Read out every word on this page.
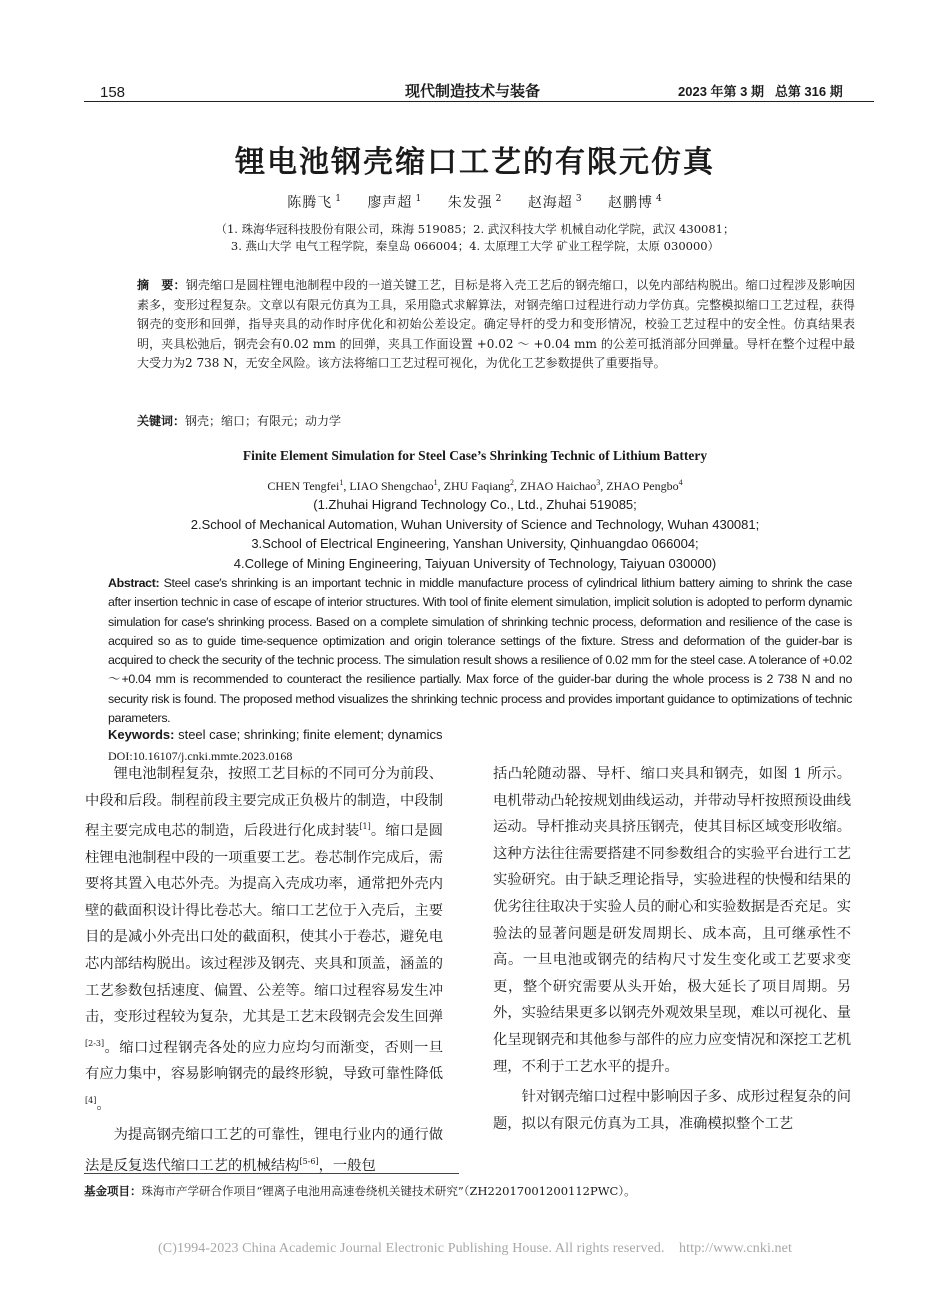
158	现代制造技术与装备	2023 年第 3 期   总第 316 期
锂电池钢壳缩口工艺的有限元仿真
陈腾飞 $^1$ 廖声超 $^1$ 朱发强 $^2$ 赵海超 $^3$ 赵鹏博 $^4$
（1. 珠海华冠科技股份有限公司，珠海 519085；2. 武汉科技大学 机械自动化学院，武汉 430081；
3. 燕山大学 电气工程学院，秦皇岛 066004；4. 太原理工大学 矿业工程学院，太原 030000）
摘　要：钢壳缩口是圆柱锂电池制程中段的一道关键工艺，目标是将入壳工艺后的钢壳缩口，以免内部结构脱出。缩口过程涉及影响因素多，变形过程复杂。文章以有限元仿真为工具，采用隐式求解算法，对钢壳缩口过程进行动力学仿真。完整模拟缩口工艺过程，获得钢壳的变形和回弹，指导夹具的动作时序优化和初始公差设定。确定导杆的受力和变形情况，校验工艺过程中的安全性。仿真结果表明，夹具松弛后，钢壳会有0.02 mm 的回弹，夹具工作面设置 +0.02 ～ +0.04 mm 的公差可抵消部分回弹量。导杆在整个过程中最大受力为2 738 N，无安全风险。该方法将缩口工艺过程可视化，为优化工艺参数提供了重要指导。
关键词：钢壳；缩口；有限元；动力学
Finite Element Simulation for Steel Case’s Shrinking Technic of Lithium Battery
CHEN Tengfei$^1$, LIAO Shengchao$^1$, ZHU Faqiang$^2$, ZHAO Haichao$^3$, ZHAO Pengbo$^4$
(1.Zhuhai Higrand Technology Co., Ltd., Zhuhai 519085;
2.School of Mechanical Automation, Wuhan University of Science and Technology, Wuhan 430081;
3.School of Electrical Engineering, Yanshan University, Qinhuangdao 066004;
4.College of Mining Engineering, Taiyuan University of Technology, Taiyuan 030000)
Abstract: Steel case′s shrinking is an important technic in middle manufacture process of cylindrical lithium battery aiming to shrink the case after insertion technic in case of escape of interior structures. With tool of finite element simulation, implicit solution is adopted to perform dynamic simulation for case′s shrinking process. Based on a complete simulation of shrinking technic process, deformation and resilience of the case is acquired so as to guide time-sequence optimization and origin tolerance settings of the fixture. Stress and deformation of the guider-bar is acquired to check the security of the technic process. The simulation result shows a resilience of 0.02 mm for the steel case. A tolerance of +0.02～+0.04 mm is recommended to counteract the resilience partially. Max force of the guider-bar during the whole process is 2 738 N and no security risk is found. The proposed method visualizes the shrinking technic process and provides important guidance to optimizations of technic parameters.
Keywords: steel case; shrinking; finite element; dynamics
DOI:10.16107/j.cnki.mmte.2023.0168

锂电池制程复杂，按照工艺目标的不同可分为前段、中段和后段。制程前段主要完成正负极片的制造，中段制程主要完成电芯的制造，后段进行化成封装[1]。缩口是圆柱锂电池制程中段的一项重要工艺。卷芯制作完成后，需要将其置入电芯外壳。为提高入壳成功率，通常把外壳内壁的截面积设计得比卷芯大。缩口工艺位于入壳后，主要目的是减小外壳出口处的截面积，使其小于卷芯，避免电芯内部结构脱出。该过程涉及钢壳、夹具和顶盖，涵盖的工艺参数包括速度、偏置、公差等。缩口过程容易发生冲击，变形过程较为复杂，尤其是工艺末段钢壳会发生回弹[2-3]。缩口过程钢壳各处的应力应均匀而渐变，否则一旦有应力集中，容易影响钢壳的最终形貌，导致可靠性降低[4]。

为提高钢壳缩口工艺的可靠性，锂电行业内的通行做法是反复迭代缩口工艺的机械结构[5-6]，一般包

括凸轮随动器、导杆、缩口夹具和钢壳，如图 1 所示。电机带动凸轮按规划曲线运动，并带动导杆按照预设曲线运动。导杆推动夹具挤压钢壳，使其目标区域变形收缩。这种方法往往需要搭建不同参数组合的实验平台进行工艺实验研究。由于缺乏理论指导，实验进程的快慢和结果的优劣往往取决于实验人员的耐心和实验数据是否充足。实验法的显著问题是研发周期长、成本高，且可继承性不高。一旦电池或钢壳的结构尺寸发生变化或工艺要求变更，整个研究需要从头开始，极大延长了项目周期。另外，实验结果更多以钢壳外观效果呈现，难以可视化、量化呈现钢壳和其他参与部件的应力应变情况和深挖工艺机理，不利于工艺水平的提升。

针对钢壳缩口过程中影响因子多、成形过程复杂的问题，拟以有限元仿真为工具，准确模拟整个工艺

基金项目：珠海市产学研合作项目“锂离子电池用高速卷绕机关键技术研究”（ZH22017001200112PWC）。
(C)1994-2023 China Academic Journal Electronic Publishing House. All rights reserved.    http://www.cnki.net
